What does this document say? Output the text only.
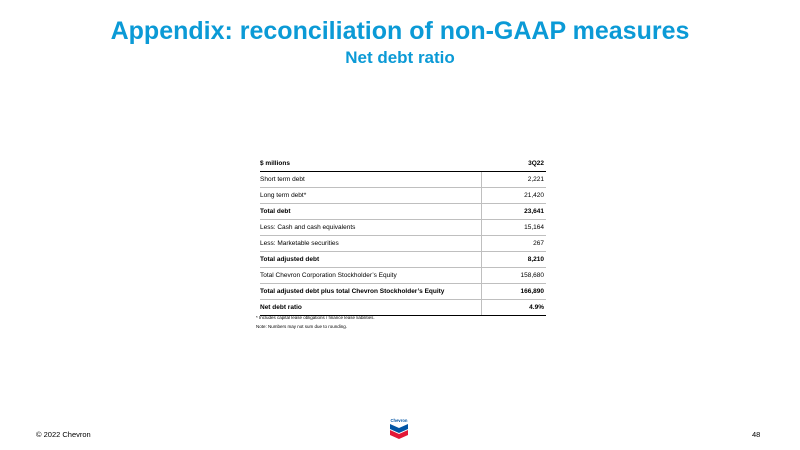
Appendix: reconciliation of non-GAAP measures
Net debt ratio
$ millions	3Q22
Short term debt	2,221
Long term debt*	21,420
Total debt	23,641
Less: Cash and cash equivalents	15,164
Less: Marketable securities	267
Total adjusted debt	8,210
Total Chevron Corporation Stockholder’s Equity	158,680
Total adjusted debt plus total Chevron Stockholder’s Equity	166,890
Net debt ratio	4.9%
* Includes capital lease obligations / finance lease liabilities.
Note: Numbers may not sum due to rounding.
© 2022 Chevron
Chevron
48
